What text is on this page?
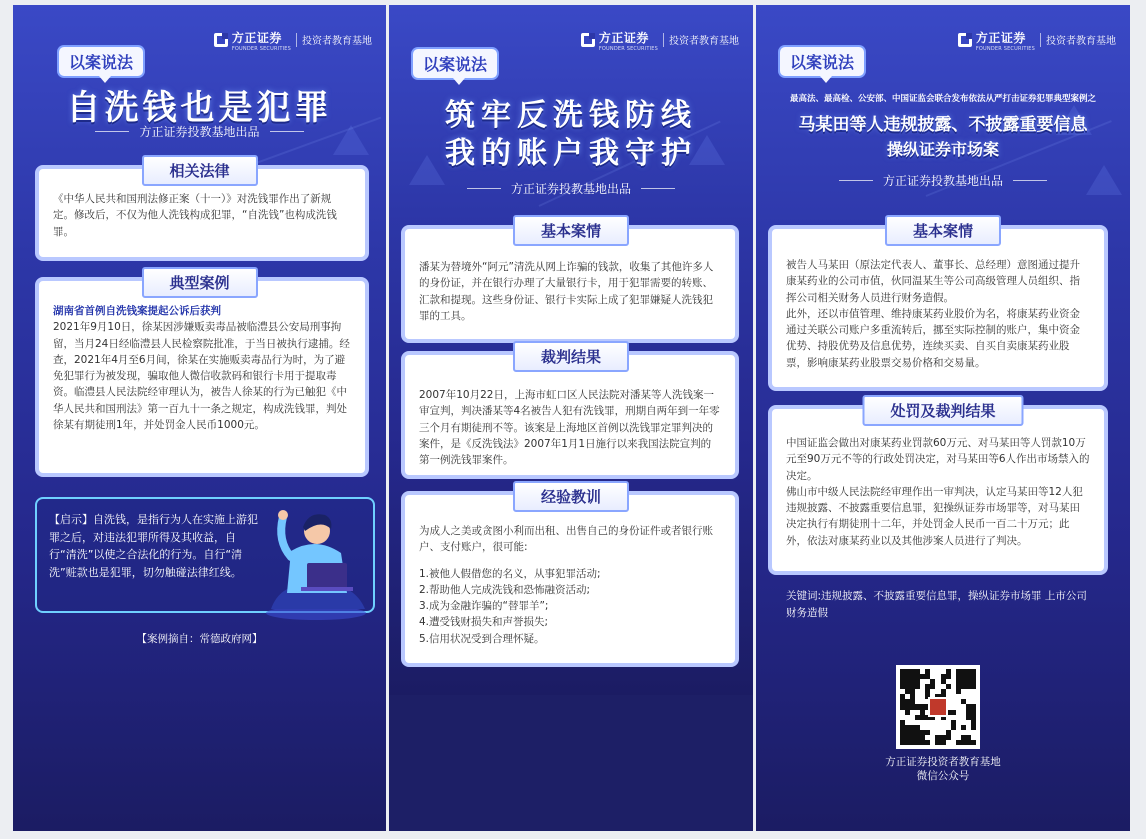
方正证券
FOUNDER SECURITIES
投资者教育基地
以案说法
自洗钱也是犯罪
方正证券投教基地出品
相关法律

《中华人民共和国刑法修正案（十一）》对洗钱罪作出了新规定。修改后，不仅为他人洗钱构成犯罪，“自洗钱”也构成洗钱罪。

典型案例

湖南省首例自洗钱案提起公诉后获判

2021年9月10日，徐某因涉嫌贩卖毒品被临澧县公安局刑事拘留，当月24日经临澧县人民检察院批准，于当日被执行逮捕。经查，2021年4月至6月间，徐某在实施贩卖毒品行为时，为了避免犯罪行为被发现，骗取他人微信收款码和银行卡用于提取毒资。临澧县人民法院经审理认为，被告人徐某的行为已触犯《中华人民共和国刑法》第一百九十一条之规定，构成洗钱罪，判处徐某有期徒刑1年，并处罚金人民币1000元。

【启示】自洗钱，是指行为人在实施上游犯罪之后，对违法犯罪所得及其收益，自行“清洗”以使之合法化的行为。自行“清洗”赃款也是犯罪，切勿触碰法律红线。

【案例摘自：常德政府网】
方正证券
FOUNDER SECURITIES
投资者教育基地
以案说法
筑牢反洗钱防线
我的账户我守护
方正证券投教基地出品
基本案情

潘某为替境外“阿元”清洗从网上诈骗的钱款，收集了其他许多人的身份证，并在银行办理了大量银行卡，用于犯罪需要的转账、汇款和提现。这些身份证、银行卡实际上成了犯罪嫌疑人洗钱犯罪的工具。

裁判结果

2007年10月22日，上海市虹口区人民法院对潘某等人洗钱案一审宣判，判决潘某等4名被告人犯有洗钱罪，刑期自两年到一年零三个月有期徒刑不等。该案是上海地区首例以洗钱罪定罪判决的案件，是《反洗钱法》2007年1月1日施行以来我国法院宣判的第一例洗钱罪案件。

经验教训

为成人之美或贪图小利而出租、出售自己的身份证件或者银行账户、支付账户，很可能:

1.被他人假借您的名义，从事犯罪活动;

2.帮助他人完成洗钱和恐怖融资活动;

3.成为金融诈骗的“替罪羊”;

4.遭受钱财损失和声誉损失;

5.信用状况受到合理怀疑。

方正证券
FOUNDER SECURITIES
投资者教育基地
以案说法
最高法、最高检、公安部、中国证监会联合发布依法从严打击证券犯罪典型案例之
马某田等人违规披露、不披露重要信息
操纵证券市场案
方正证券投教基地出品
基本案情

被告人马某田（原法定代表人、董事长、总经理）意图通过提升康某药业的公司市值，伙同温某生等公司高级管理人员组织、指挥公司相关财务人员进行财务造假。

此外，还以市值管理、维持康某药业股价为名，将康某药业资金通过关联公司账户多重流转后，挪至实际控制的账户，集中资金优势、持股优势及信息优势，连续买卖、自买自卖康某药业股票，影响康某药业股票交易价格和交易量。

处罚及裁判结果

中国证监会做出对康某药业罚款60万元、对马某田等人罚款10万元至90万元不等的行政处罚决定，对马某田等6人作出市场禁入的决定。

佛山市中级人民法院经审理作出一审判决，认定马某田等12人犯违规披露、不披露重要信息罪，犯操纵证券市场罪等，对马某田决定执行有期徒刑十二年，并处罚金人民币一百二十万元；此外，依法对康某药业以及其他涉案人员进行了判决。

关键词:违规披露、不披露重要信息罪，操纵证券市场罪 上市公司财务造假
方正证券投资者教育基地
微信公众号
